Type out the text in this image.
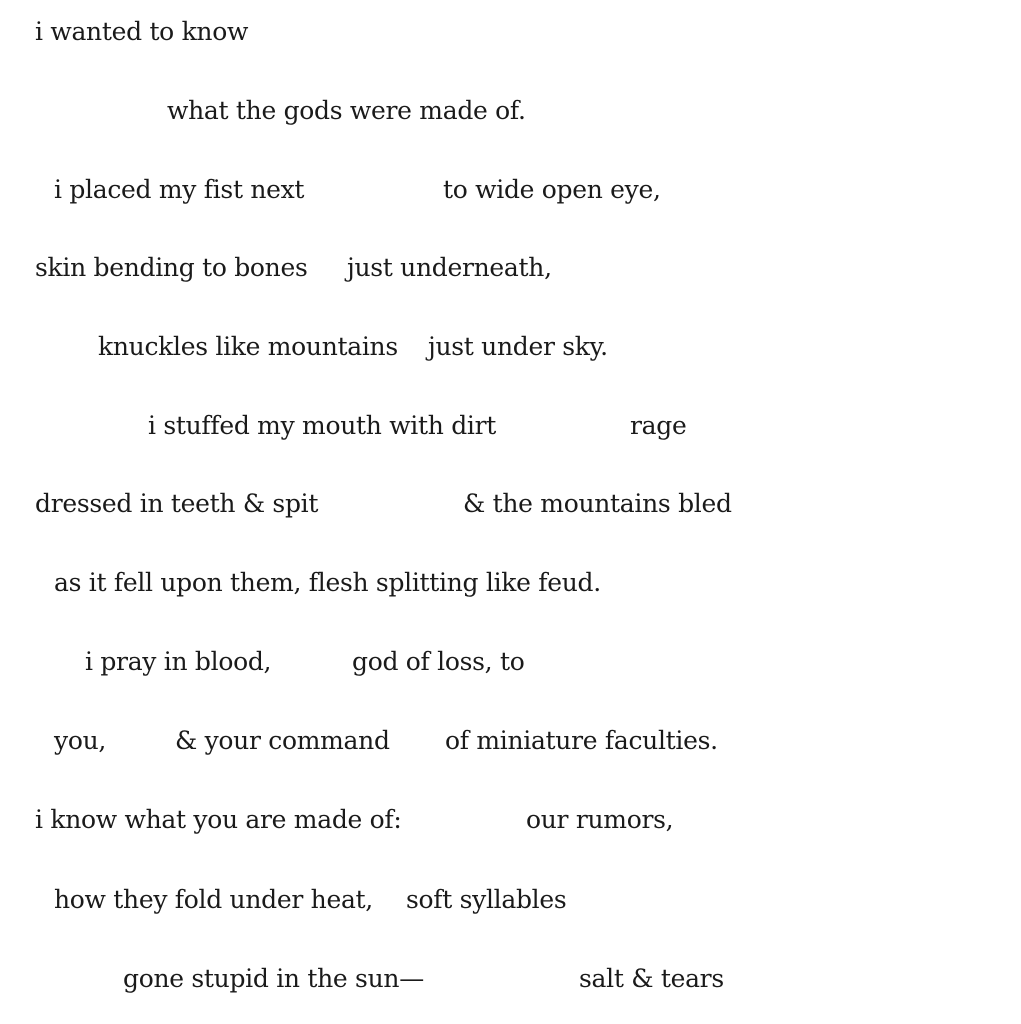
i wanted to know

what the gods were made of.

i placed my fist next	to wide open eye,

skin bending to bones just underneath,

knuckles like mountains just under sky.

i stuffed my mouth with dirt	rage

dressed in teeth & spit	& the mountains bled

as it fell upon them, flesh splitting like feud.

i pray in blood,	god of loss, to

you,	& your command of miniature faculties.

i know what you are made of:	our rumors,

how they fold under heat, soft syllables

gone stupid in the sun—	salt & tears
